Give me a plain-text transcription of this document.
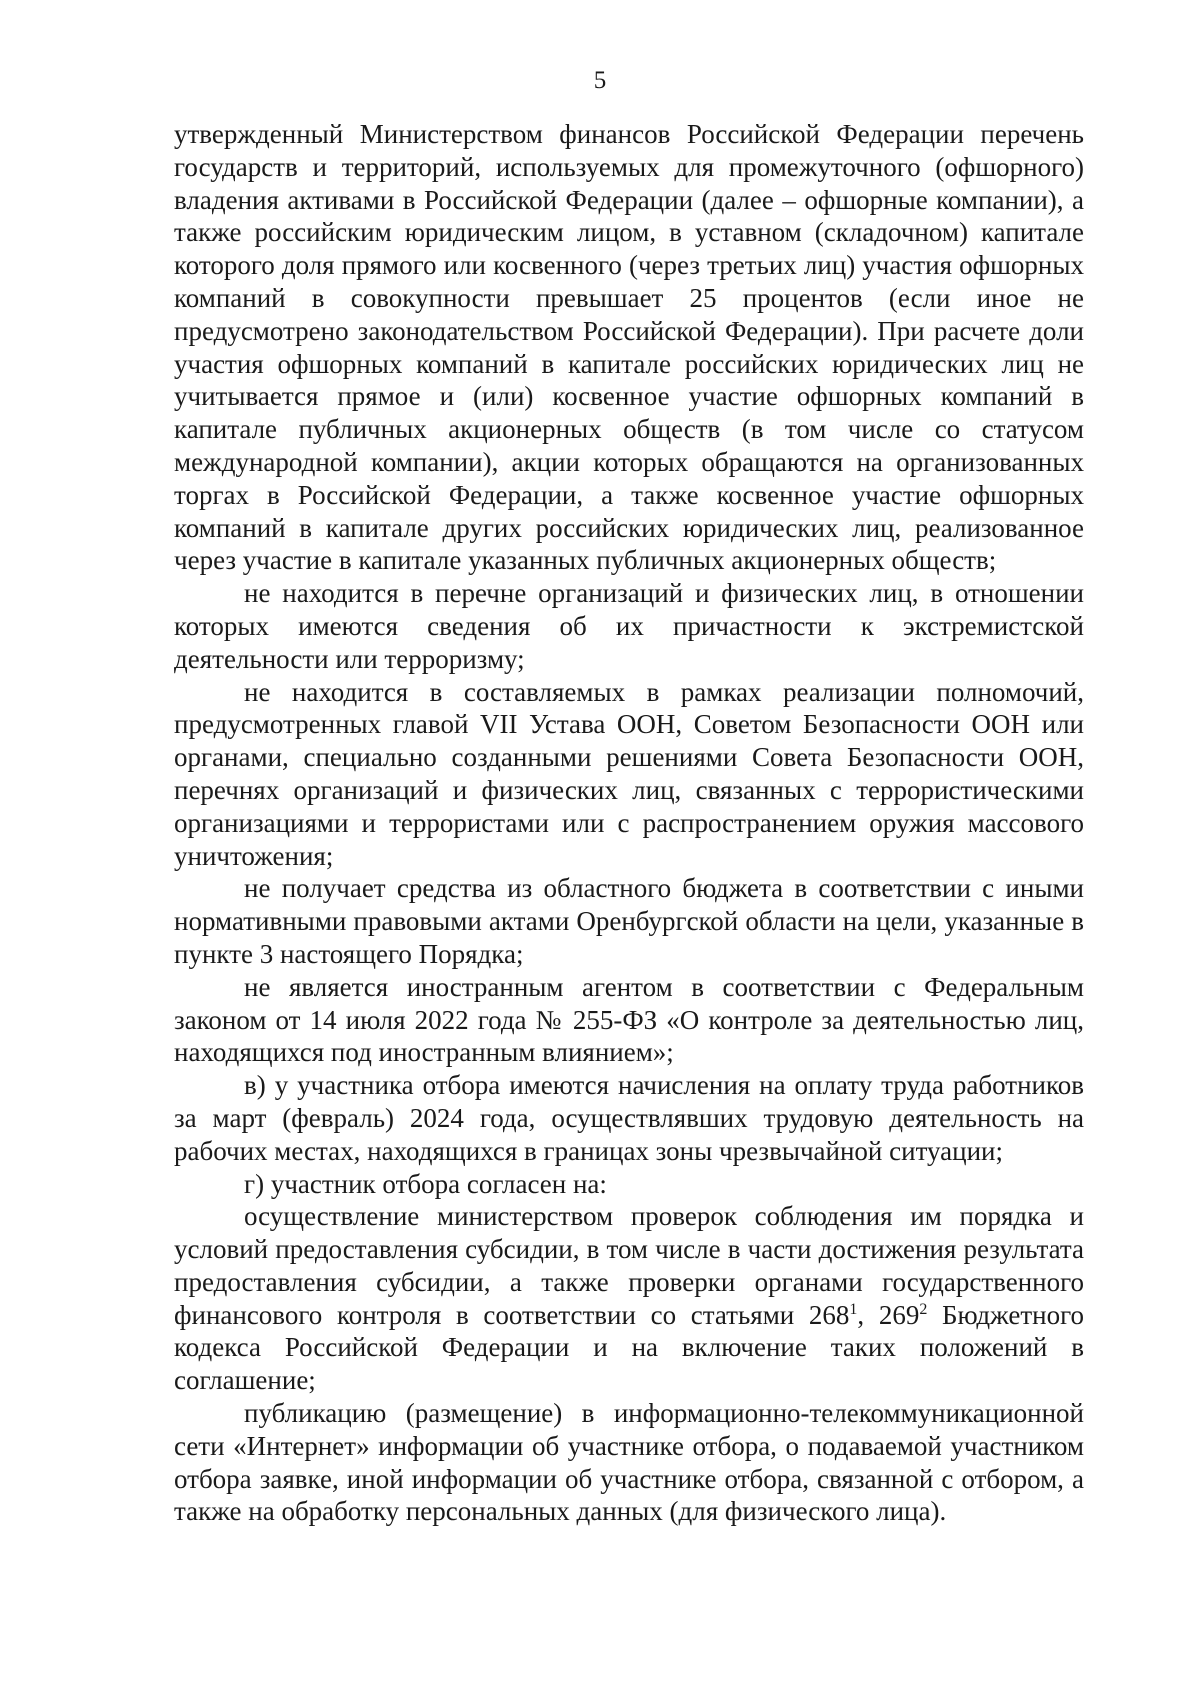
5

утвержденный Министерством финансов Российской Федерации перечень государств и территорий, используемых для промежуточного (офшорного) владения активами в Российской Федерации (далее – офшорные компании), а также российским юридическим лицом, в уставном (складочном) капитале которого доля прямого или косвенного (через третьих лиц) участия офшорных компаний в совокупности превышает 25 процентов (если иное не предусмотрено законодательством Российской Федерации). При расчете доли участия офшорных компаний в капитале российских юридических лиц не учитывается прямое и (или) косвенное участие офшорных компаний в капитале публичных акционерных обществ (в том числе со статусом международной компании), акции которых обращаются на организованных торгах в Российской Федерации, а также косвенное участие офшорных компаний в капитале других российских юридических лиц, реализованное через участие в капитале указанных публичных акционерных обществ;

не находится в перечне организаций и физических лиц, в отношении которых имеются сведения об их причастности к экстремистской деятельности или терроризму;

не находится в составляемых в рамках реализации полномочий, предусмотренных главой VII Устава ООН, Советом Безопасности ООН или органами, специально созданными решениями Совета Безопасности ООН, перечнях организаций и физических лиц, связанных с террористическими организациями и террористами или с распространением оружия массового уничтожения;

не получает средства из областного бюджета в соответствии с иными нормативными правовыми актами Оренбургской области на цели, указанные в пункте 3 настоящего Порядка;

не является иностранным агентом в соответствии с Федеральным законом от 14 июля 2022 года № 255-ФЗ «О контроле за деятельностью лиц, находящихся под иностранным влиянием»;

в) у участника отбора имеются начисления на оплату труда работников за март (февраль) 2024 года, осуществлявших трудовую деятельность на рабочих местах, находящихся в границах зоны чрезвычайной ситуации;

г) участник отбора согласен на:

осуществление министерством проверок соблюдения им порядка и условий предоставления субсидии, в том числе в части достижения результата предоставления субсидии, а также проверки органами государственного финансового контроля в соответствии со статьями $268^1$, $269^2$ Бюджетного кодекса Российской Федерации и на включение таких положений в соглашение;

публикацию (размещение) в информационно-телекоммуникационной сети «Интернет» информации об участнике отбора, о подаваемой участником отбора заявке, иной информации об участнике отбора, связанной с отбором, а также на обработку персональных данных (для физического лица).
